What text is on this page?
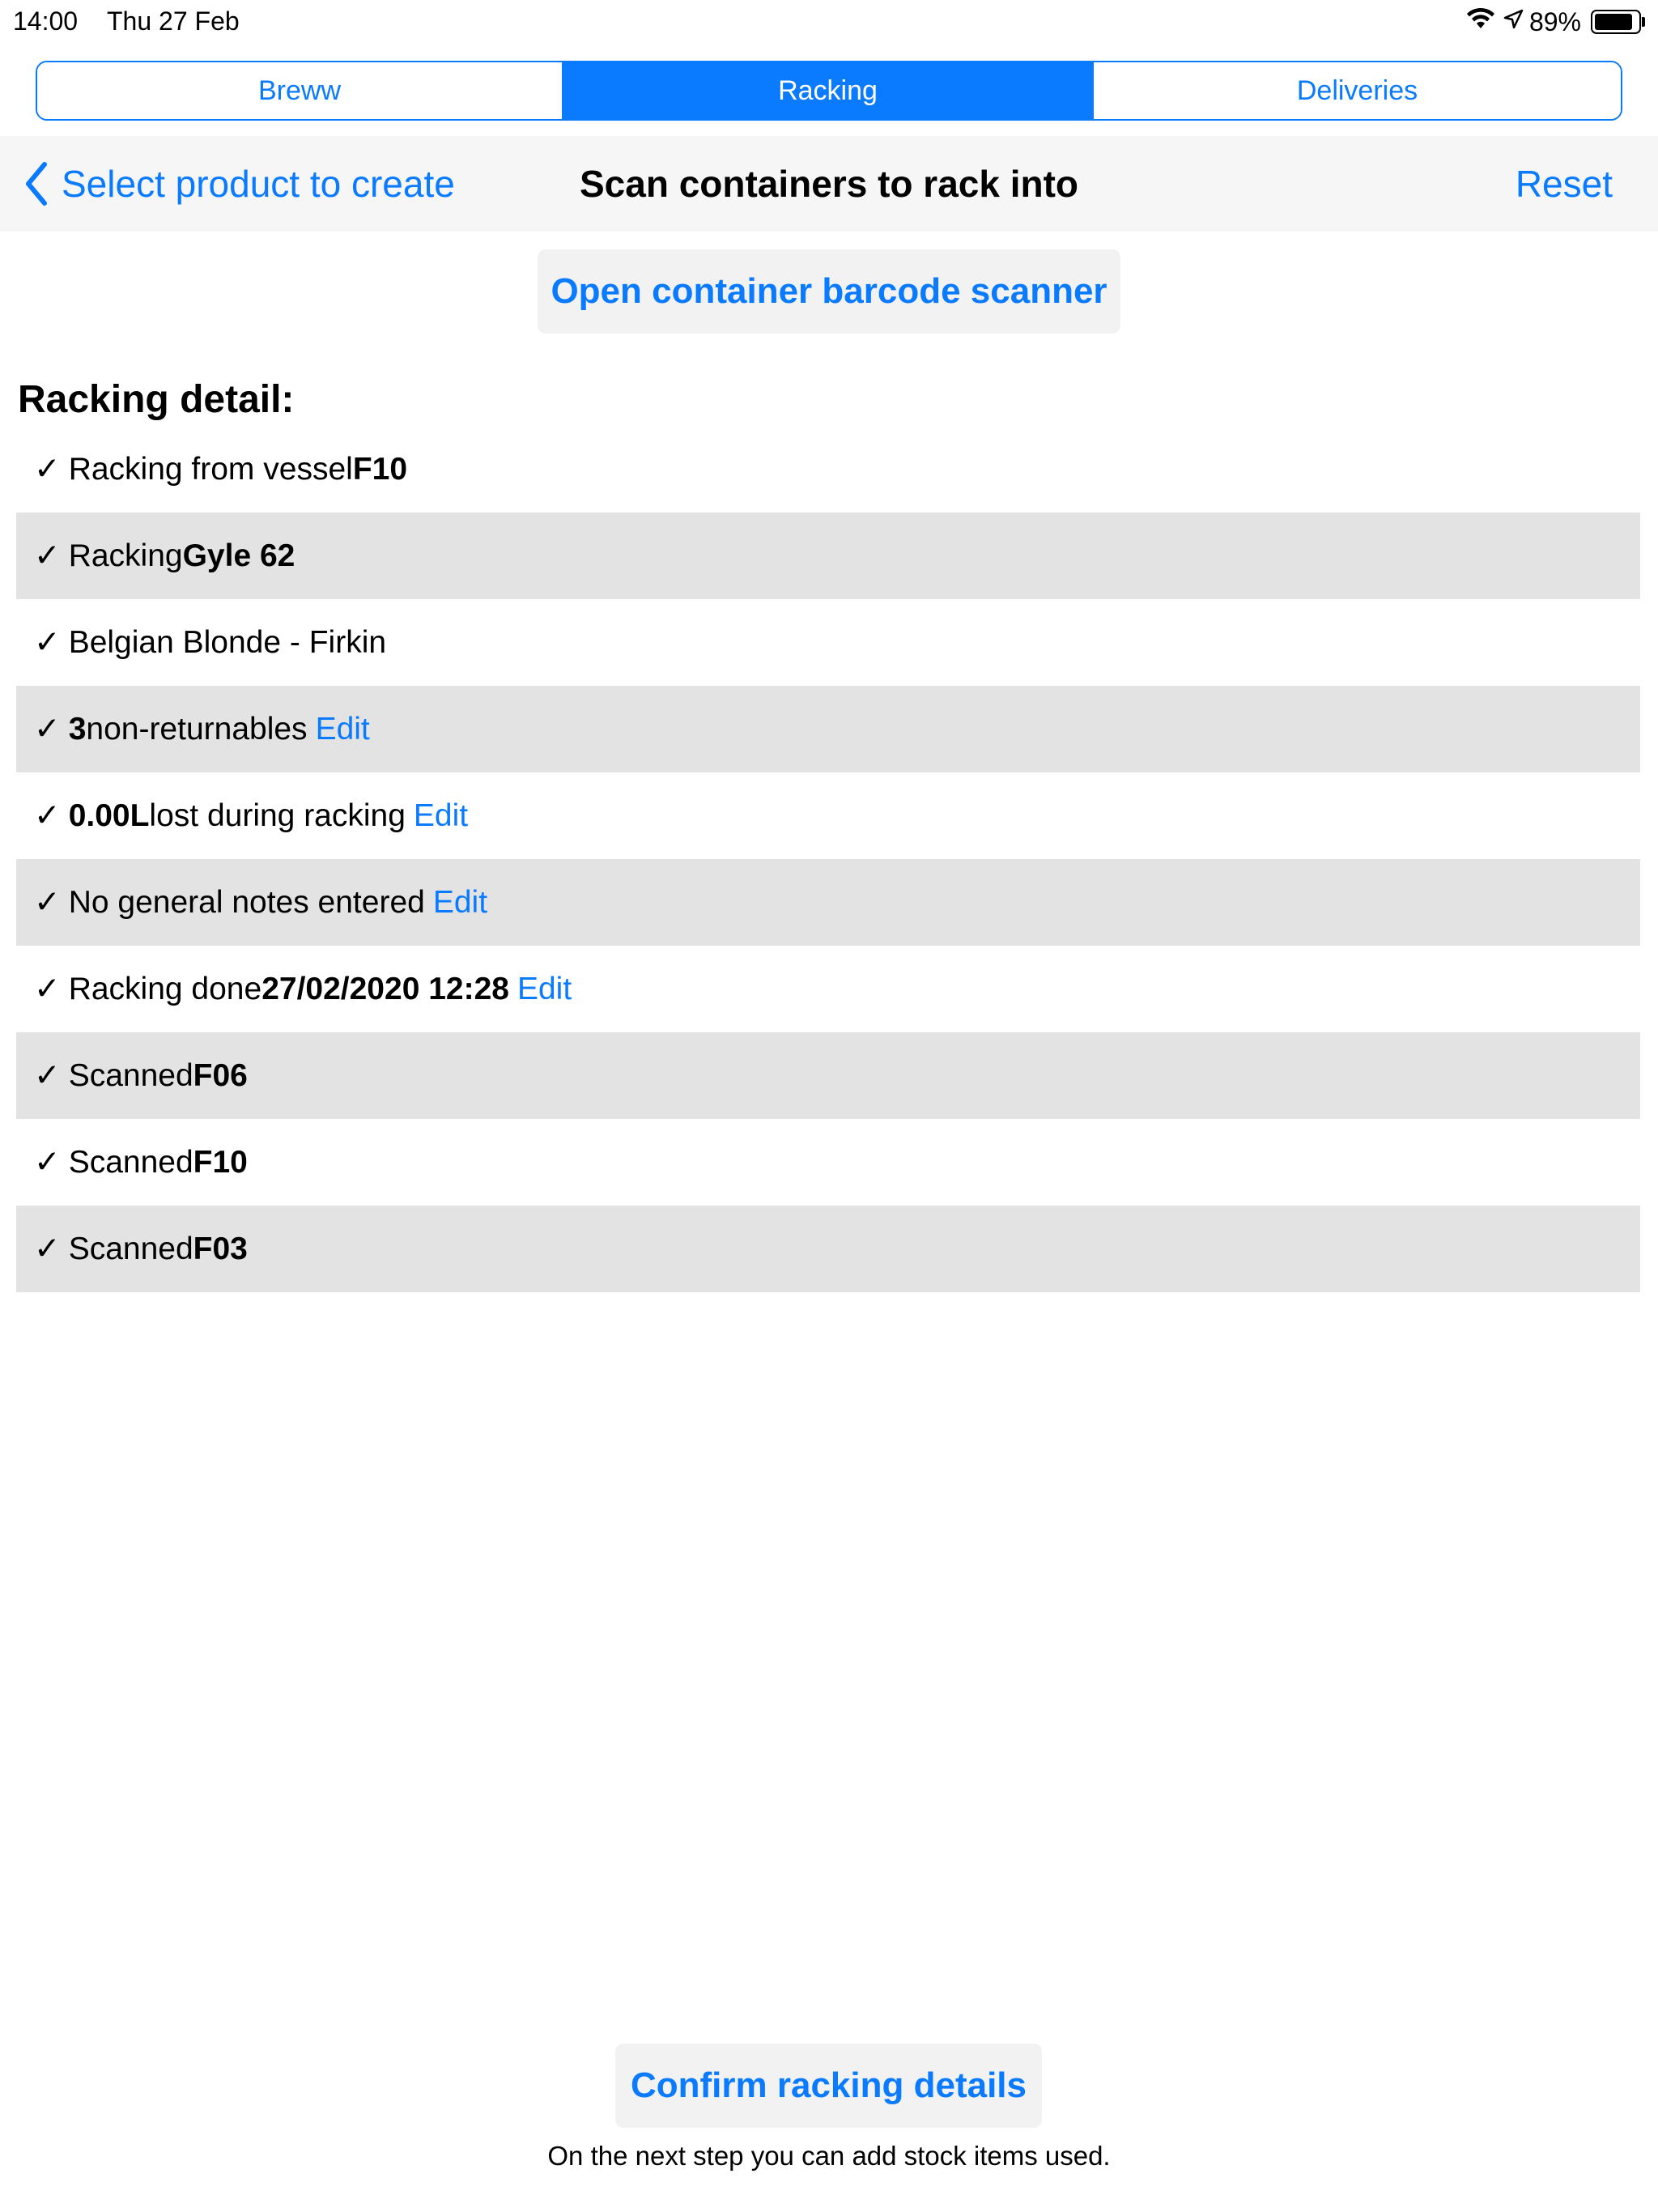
14:00 Thu 27 Feb	89%
Breww	Racking	Deliveries
Select product to create	Scan containers to rack into	Reset
Open container barcode scanner
Racking detail:
✓ Racking from vessel F10
✓ Racking Gyle 62
✓ Belgian Blonde - Firkin
✓ 3 non-returnables Edit
✓ 0.00L lost during racking Edit
✓ No general notes entered Edit
✓ Racking done 27/02/2020 12:28 Edit
✓ Scanned F06
✓ Scanned F10
✓ Scanned F03
Confirm racking details
On the next step you can add stock items used.
